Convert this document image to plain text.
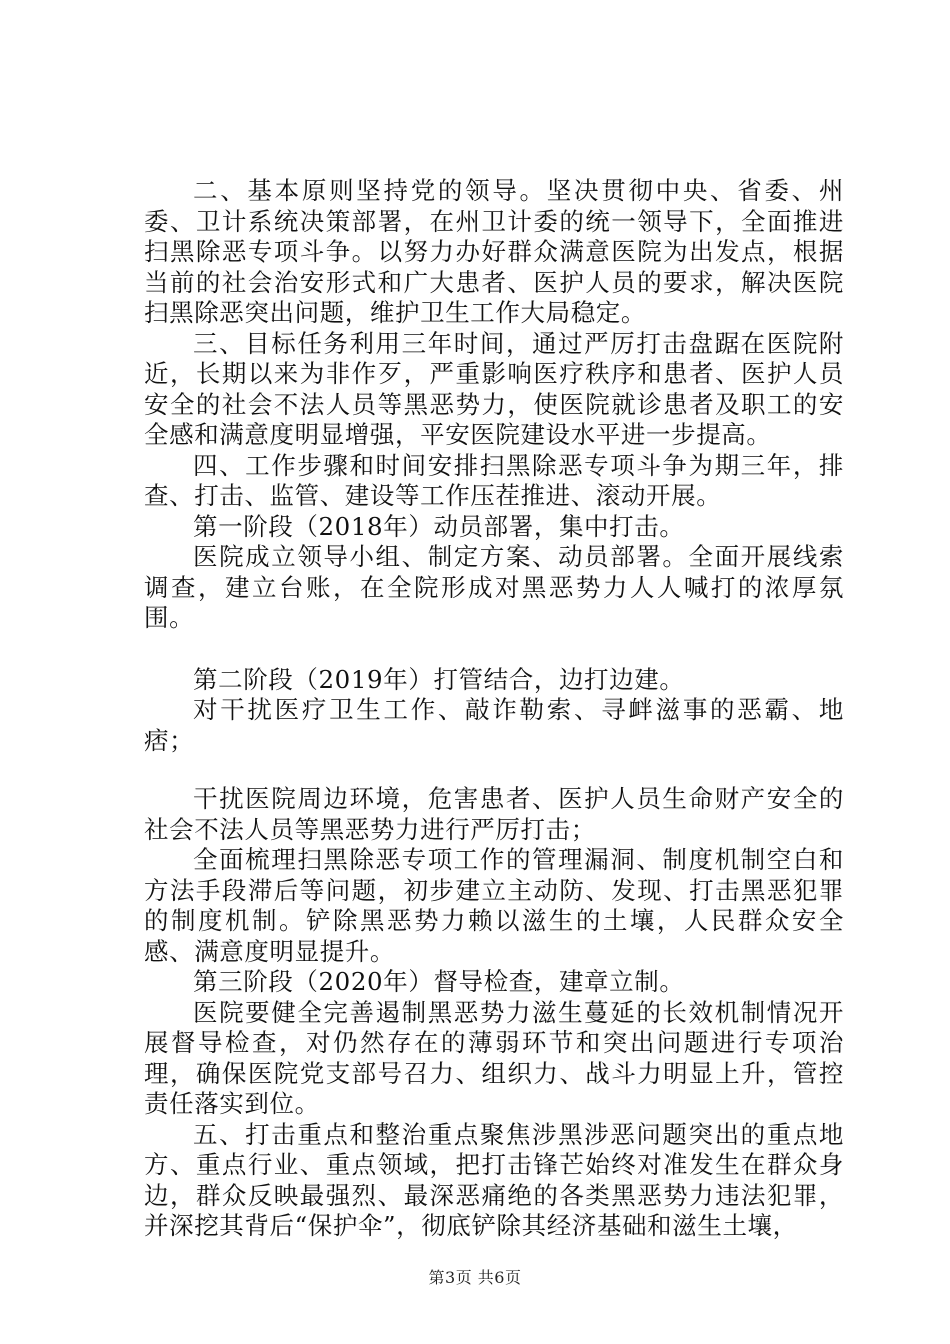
二、基本原则坚持党的领导。坚决贯彻中央、省委、州委、卫计系统决策部署，在州卫计委的统一领导下，全面推进扫黑除恶专项斗争。以努力办好群众满意医院为出发点，根据当前的社会治安形式和广大患者、医护人员的要求，解决医院扫黑除恶突出问题，维护卫生工作大局稳定。

三、目标任务利用三年时间，通过严厉打击盘踞在医院附近，长期以来为非作歹，严重影响医疗秩序和患者、医护人员安全的社会不法人员等黑恶势力，使医院就诊患者及职工的安全感和满意度明显增强，平安医院建设水平进一步提高。

四、工作步骤和时间安排扫黑除恶专项斗争为期三年，排查、打击、监管、建设等工作压茬推进、滚动开展。

第一阶段（2018年）动员部署，集中打击。

医院成立领导小组、制定方案、动员部署。全面开展线索调查，建立台账，在全院形成对黑恶势力人人喊打的浓厚氛围。

第二阶段（2019年）打管结合，边打边建。

对干扰医疗卫生工作、敲诈勒索、寻衅滋事的恶霸、地痞；

干扰医院周边环境，危害患者、医护人员生命财产安全的社会不法人员等黑恶势力进行严厉打击；

全面梳理扫黑除恶专项工作的管理漏洞、制度机制空白和方法手段滞后等问题，初步建立主动防、发现、打击黑恶犯罪的制度机制。铲除黑恶势力赖以滋生的土壤，人民群众安全感、满意度明显提升。

第三阶段（2020年）督导检查，建章立制。

医院要健全完善遏制黑恶势力滋生蔓延的长效机制情况开展督导检查，对仍然存在的薄弱环节和突出问题进行专项治理，确保医院党支部号召力、组织力、战斗力明显上升，管控责任落实到位。

五、打击重点和整治重点聚焦涉黑涉恶问题突出的重点地方、重点行业、重点领域，把打击锋芒始终对准发生在群众身边，群众反映最强烈、最深恶痛绝的各类黑恶势力违法犯罪，并深挖其背后“保护伞”，彻底铲除其经济基础和滋生土壤，

第3页 共6页
